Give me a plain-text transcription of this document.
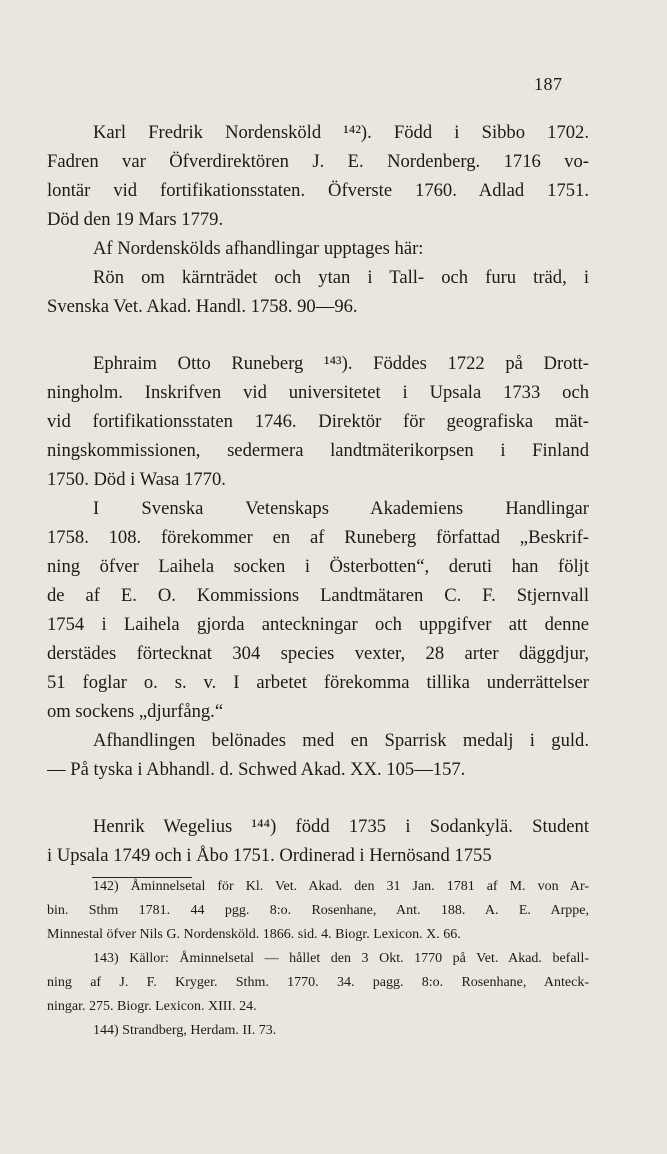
187
Karl Fredrik Nordensköld ¹⁴²). Född i Sibbo 1702.
Fadren var Öfverdirektören J. E. Nordenberg. 1716 vo-
lontär vid fortifikationsstaten. Öfverste 1760. Adlad 1751.
Död den 19 Mars 1779.
Af Nordenskölds afhandlingar upptages här:
Rön om kärnträdet och ytan i Tall- och furu träd, i
Svenska Vet. Akad. Handl. 1758. 90—96.
Ephraim Otto Runeberg ¹⁴³). Föddes 1722 på Drott-
ningholm. Inskrifven vid universitetet i Upsala 1733 och
vid fortifikationsstaten 1746. Direktör för geografiska mät-
ningskommissionen, sedermera landtmäterikorpsen i Finland
1750. Död i Wasa 1770.
I Svenska Vetenskaps Akademiens Handlingar
1758. 108. förekommer en af Runeberg författad „Beskrif-
ning öfver Laihela socken i Österbotten“, deruti han följt
de af E. O. Kommissions Landtmätaren C. F. Stjernvall
1754 i Laihela gjorda anteckningar och uppgifver att denne
derstädes förtecknat 304 species vexter, 28 arter däggdjur,
51 foglar o. s. v. I arbetet förekomma tillika underrättelser
om sockens „djurfång.“
Afhandlingen belönades med en Sparrisk medalj i guld.
— På tyska i Abhandl. d. Schwed Akad. XX. 105—157.
Henrik Wegelius ¹⁴⁴) född 1735 i Sodankylä. Student
i Upsala 1749 och i Åbo 1751. Ordinerad i Hernösand 1755
142) Åminnelsetal för Kl. Vet. Akad. den 31 Jan. 1781 af M. von Ar-
bin. Sthm 1781. 44 pgg. 8:o. Rosenhane, Ant. 188. A. E. Arppe,
Minnestal öfver Nils G. Nordensköld. 1866. sid. 4. Biogr. Lexicon. X. 66.
143) Källor: Åminnelsetal — hållet den 3 Okt. 1770 på Vet. Akad. befall-
ning af J. F. Kryger. Sthm. 1770. 34. pagg. 8:o. Rosenhane, Anteck-
ningar. 275. Biogr. Lexicon. XIII. 24.
144) Strandberg, Herdam. II. 73.
